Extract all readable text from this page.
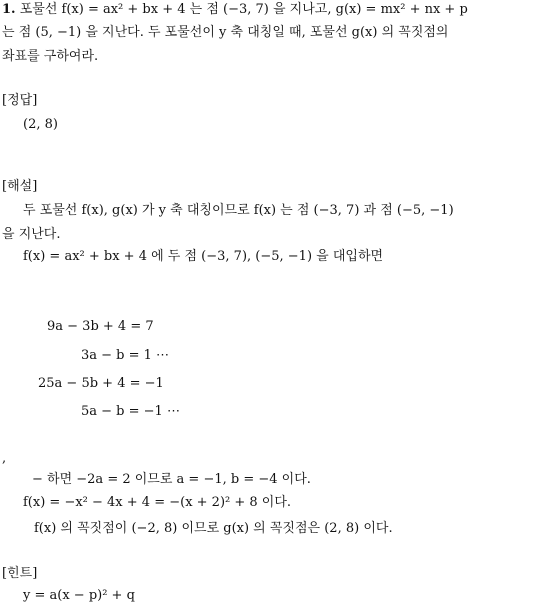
1. 포물선 f(x) = ax² + bx + 4 는 점 (−3, 7) 을 지나고, g(x) = mx² + nx + p
는 점 (5, −1) 을 지난다. 두 포물선이 y 축 대칭일 때, 포물선 g(x) 의 꼭짓점의
좌표를 구하여라.
[정답]
(2, 8)
[해설]
두 포물선 f(x), g(x) 가 y 축 대칭이므로 f(x) 는 점 (−3, 7) 과 점 (−5, −1)
을 지난다.
f(x) = ax² + bx + 4 에 두 점 (−3, 7), (−5, −1) 을 대입하면
9a − 3b + 4 = 7
3a − b = 1 ⋯
25a − 5b + 4 = −1
5a − b = −1 ⋯
,
− 하면 −2a = 2 이므로 a = −1, b = −4 이다.
f(x) = −x² − 4x + 4 = −(x + 2)² + 8 이다.
f(x) 의 꼭짓점이 (−2, 8) 이므로 g(x) 의 꼭짓점은 (2, 8) 이다.
[힌트]
y = a(x − p)² + q
